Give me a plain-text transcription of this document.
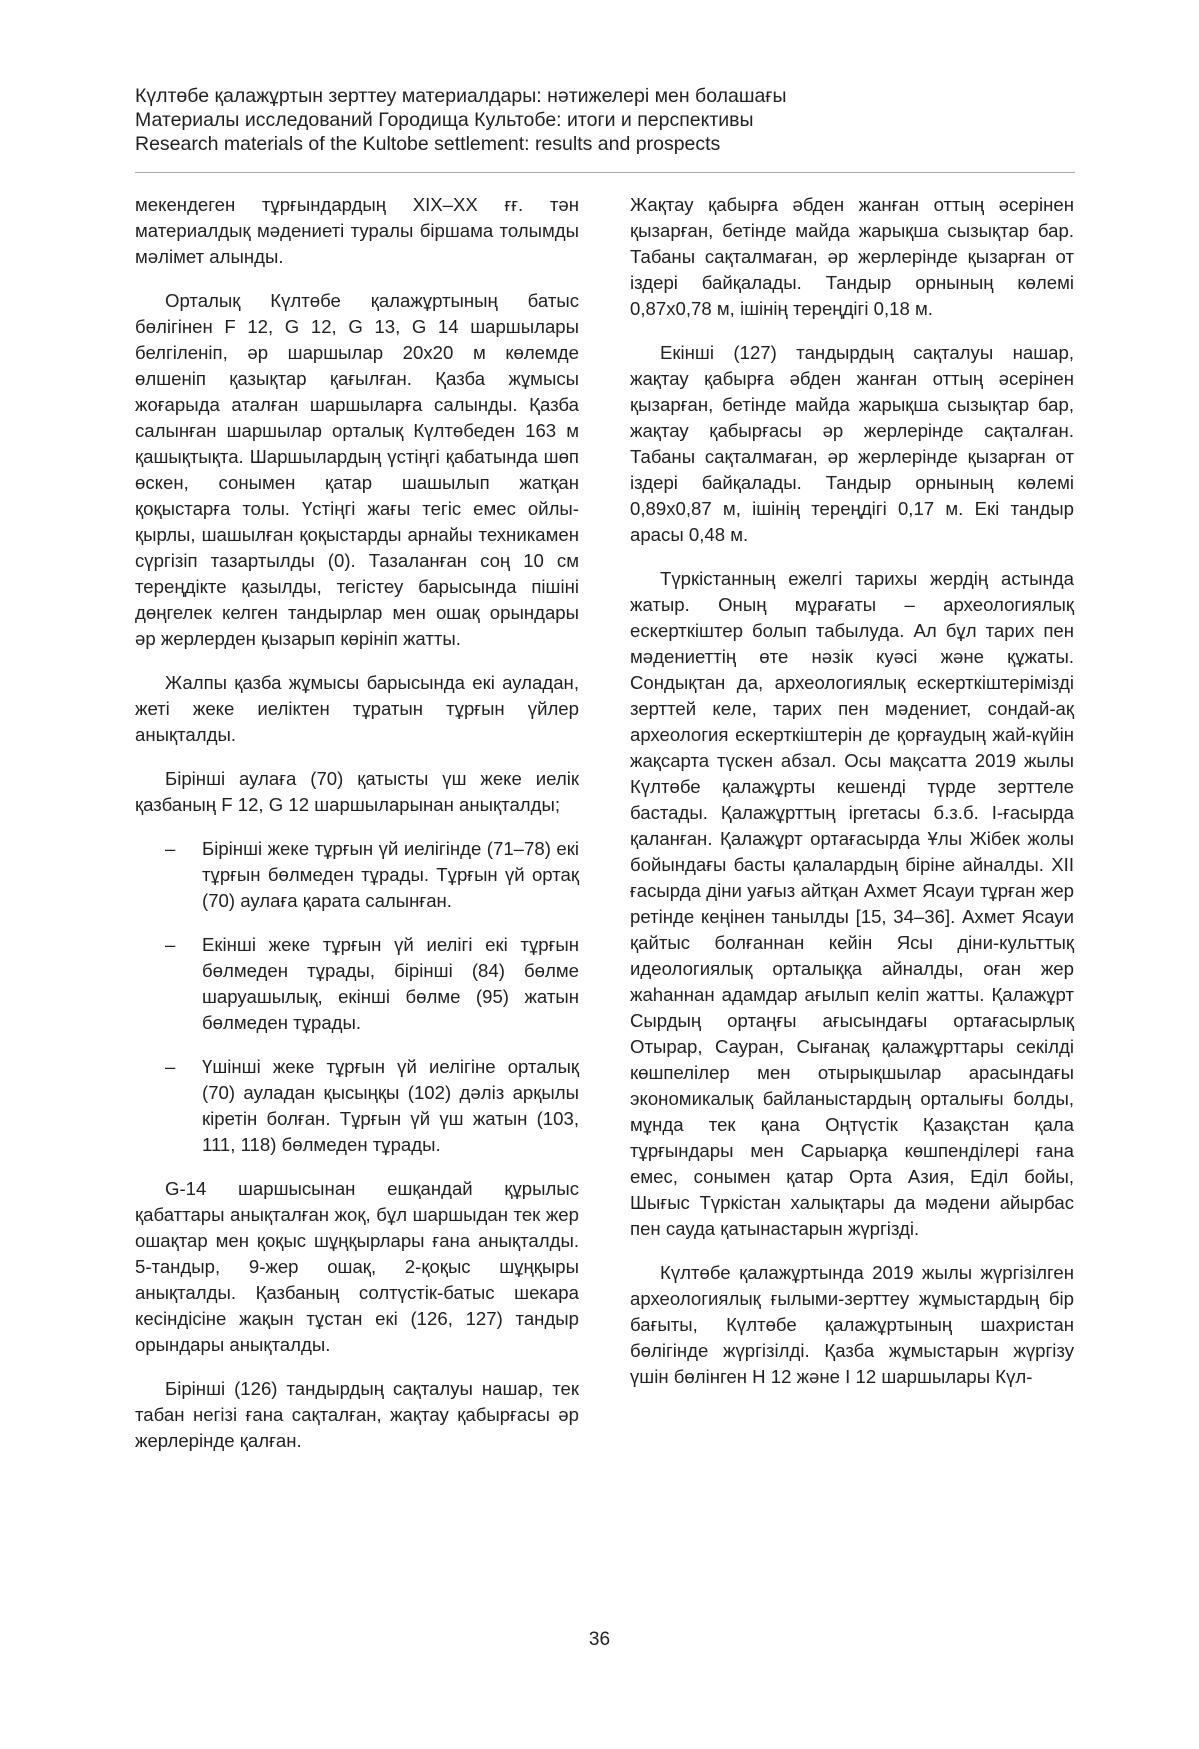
Күлтөбе қалажұртын зерттеу материалдары: нәтижелері мен болашағы
Материалы исследований Городища Культобе: итоги и перспективы
Research materials of the Kultobe settlement: results and prospects

мекендеген тұрғындардың XIX–XX ғғ. тән материалдық мәдениеті туралы біршама толымды мәлімет алынды.

Орталық Күлтөбе қалажұртының батыс бөлігінен F 12, G 12, G 13, G 14 шаршылары белгіленіп, әр шаршылар 20х20 м көлемде өлшеніп қазықтар қағылған. Қазба жұмысы жоғарыда аталған шаршыларға салынды. Қазба салынған шаршылар орталық Күлтөбеден 163 м қашықтықта. Шаршылардың үстіңгі қабатында шөп өскен, сонымен қатар шашылып жатқан қоқыстарға толы. Үстіңгі жағы тегіс емес ойлы-қырлы, шашылған қоқыстарды арнайы техникамен сүргізіп тазартылды (0). Тазаланған соң 10 см тереңдікте қазылды, тегістеу барысында пішіні дөңгелек келген тандырлар мен ошақ орындары әр жерлерден қызарып көрініп жатты.

Жалпы қазба жұмысы барысында екі ауладан, жеті жеке иеліктен тұратын тұрғын үйлер анықталды.

Бірінші аулаға (70) қатысты үш жеке иелік қазбаның F 12, G 12 шаршыларынан анықталды;

– Бірінші жеке тұрғын үй иелігінде (71–78) екі тұрғын бөлмеден тұрады. Тұрғын үй ортақ (70) аулаға қарата салынған.
– Екінші жеке тұрғын үй иелігі екі тұрғын бөлмеден тұрады, бірінші (84) бөлме шаруашылық, екінші бөлме (95) жатын бөлмеден тұрады.
– Үшінші жеке тұрғын үй иелігіне орталық (70) ауладан қысыңқы (102) дәліз арқылы кіретін болған. Тұрғын үй үш жатын (103, 111, 118) бөлмеден тұрады.

G-14 шаршысынан ешқандай құрылыс қабаттары анықталған жоқ, бұл шаршыдан тек жер ошақтар мен қоқыс шұңқырлары ғана анықталды. 5-тандыр, 9-жер ошақ, 2-қоқыс шұңқыры анықталды. Қазбаның солтүстік-батыс шекара кесіндісіне жақын тұстан екі (126, 127) тандыр орындары анықталды.

Бірінші (126) тандырдың сақталуы нашар, тек табан негізі ғана сақталған, жақтау қабырғасы әр жерлерінде қалған.

Жақтау қабырға әбден жанған оттың әсерінен қызарған, бетінде майда жарықша сызықтар бар. Табаны сақталмаған, әр жерлерінде қызарған от іздері байқалады. Тандыр орнының көлемі 0,87х0,78 м, ішінің тереңдігі 0,18 м.

Екінші (127) тандырдың сақталуы нашар, жақтау қабырға әбден жанған оттың әсерінен қызарған, бетінде майда жарықша сызықтар бар, жақтау қабырғасы әр жерлерінде сақталған. Табаны сақталмаған, әр жерлерінде қызарған от іздері байқалады. Тандыр орнының көлемі 0,89х0,87 м, ішінің тереңдігі 0,17 м. Екі тандыр арасы 0,48 м.

Түркістанның ежелгі тарихы жердің астында жатыр. Оның мұрағаты – археологиялық ескерткіштер болып табылуда. Ал бұл тарих пен мәдениеттің өте нәзік куәсі және құжаты. Сондықтан да, археологиялық ескерткіштерімізді зерттей келе, тарих пен мәдениет, сондай-ақ археология ескерткіштерін де қорғаудың жай-күйін жақсарта түскен абзал. Осы мақсатта 2019 жылы Күлтөбе қалажұрты кешенді түрде зерттеле бастады. Қалажұрттың іргетасы б.з.б. I-ғасырда қаланған. Қалажұрт ортағасырда Ұлы Жібек жолы бойындағы басты қалалардың біріне айналды. XII ғасырда діни уағыз айтқан Ахмет Ясауи тұрған жер ретінде кеңінен танылды [15, 34–36]. Ахмет Ясауи қайтыс болғаннан кейін Ясы діни-культтық идеологиялық орталыққа айналды, оған жер жаһаннан адамдар ағылып келіп жатты. Қалажұрт Сырдың ортаңғы ағысындағы ортағасырлық Отырар, Сауран, Сығанақ қалажұрттары секілді көшпелілер мен отырықшылар арасындағы экономикалық байланыстардың орталығы болды, мұнда тек қана Оңтүстік Қазақстан қала тұрғындары мен Сарыарқа көшпенділері ғана емес, сонымен қатар Орта Азия, Еділ бойы, Шығыс Түркістан халықтары да мәдени айырбас пен сауда қатынастарын жүргізді.

Күлтөбе қалажұртында 2019 жылы жүргізілген археологиялық ғылыми-зерттеу жұмыстардың бір бағыты, Күлтөбе қалажұртының шахристан бөлігінде жүргізілді. Қазба жұмыстарын жүргізу үшін бөлінген H 12 және I 12 шаршылары Күл-

36
